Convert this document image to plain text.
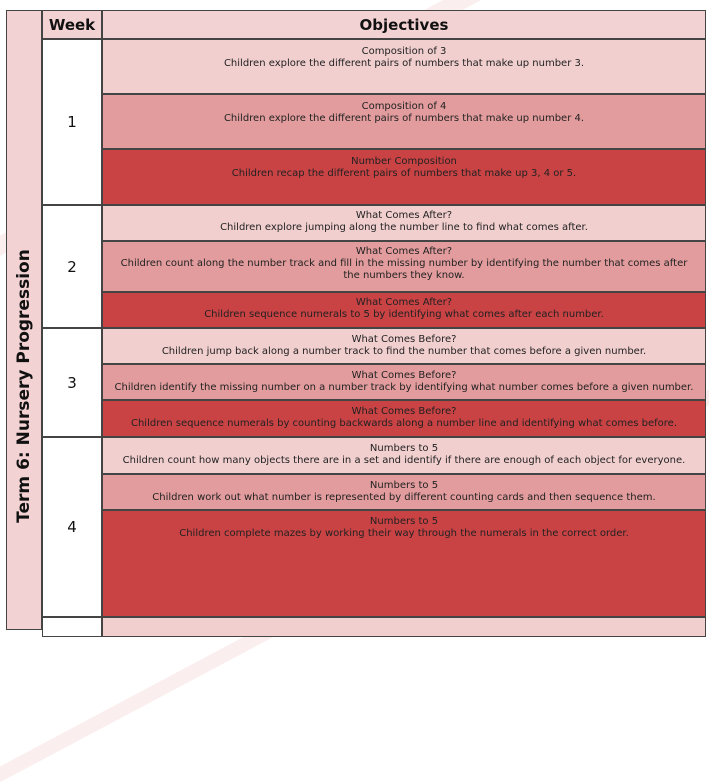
Term 6: Nursery Progression
Week	Objectives
1
2
3
4
Composition of 3
Children explore the different pairs of numbers that make up number 3.
Composition of 4
Children explore the different pairs of numbers that make up number 4.
Number Composition
Children recap the different pairs of numbers that make up 3, 4 or 5.
What Comes After?
Children explore jumping along the number line to find what comes after.
What Comes After?
Children count along the number track and fill in the missing number by identifying the number that comes after the numbers they know.
What Comes After?
Children sequence numerals to 5 by identifying what comes after each number.
What Comes Before?
Children jump back along a number track to find the number that comes before a given number.
What Comes Before?
Children identify the missing number on a number track by identifying what number comes before a given number.
What Comes Before?
Children sequence numerals by counting backwards along a number line and identifying what comes before.
Numbers to 5
Children count how many objects there are in a set and identify if there are enough of each object for everyone.
Numbers to 5
Children work out what number is represented by different counting cards and then sequence them.
Numbers to 5
Children complete mazes by working their way through the numerals in the correct order.
